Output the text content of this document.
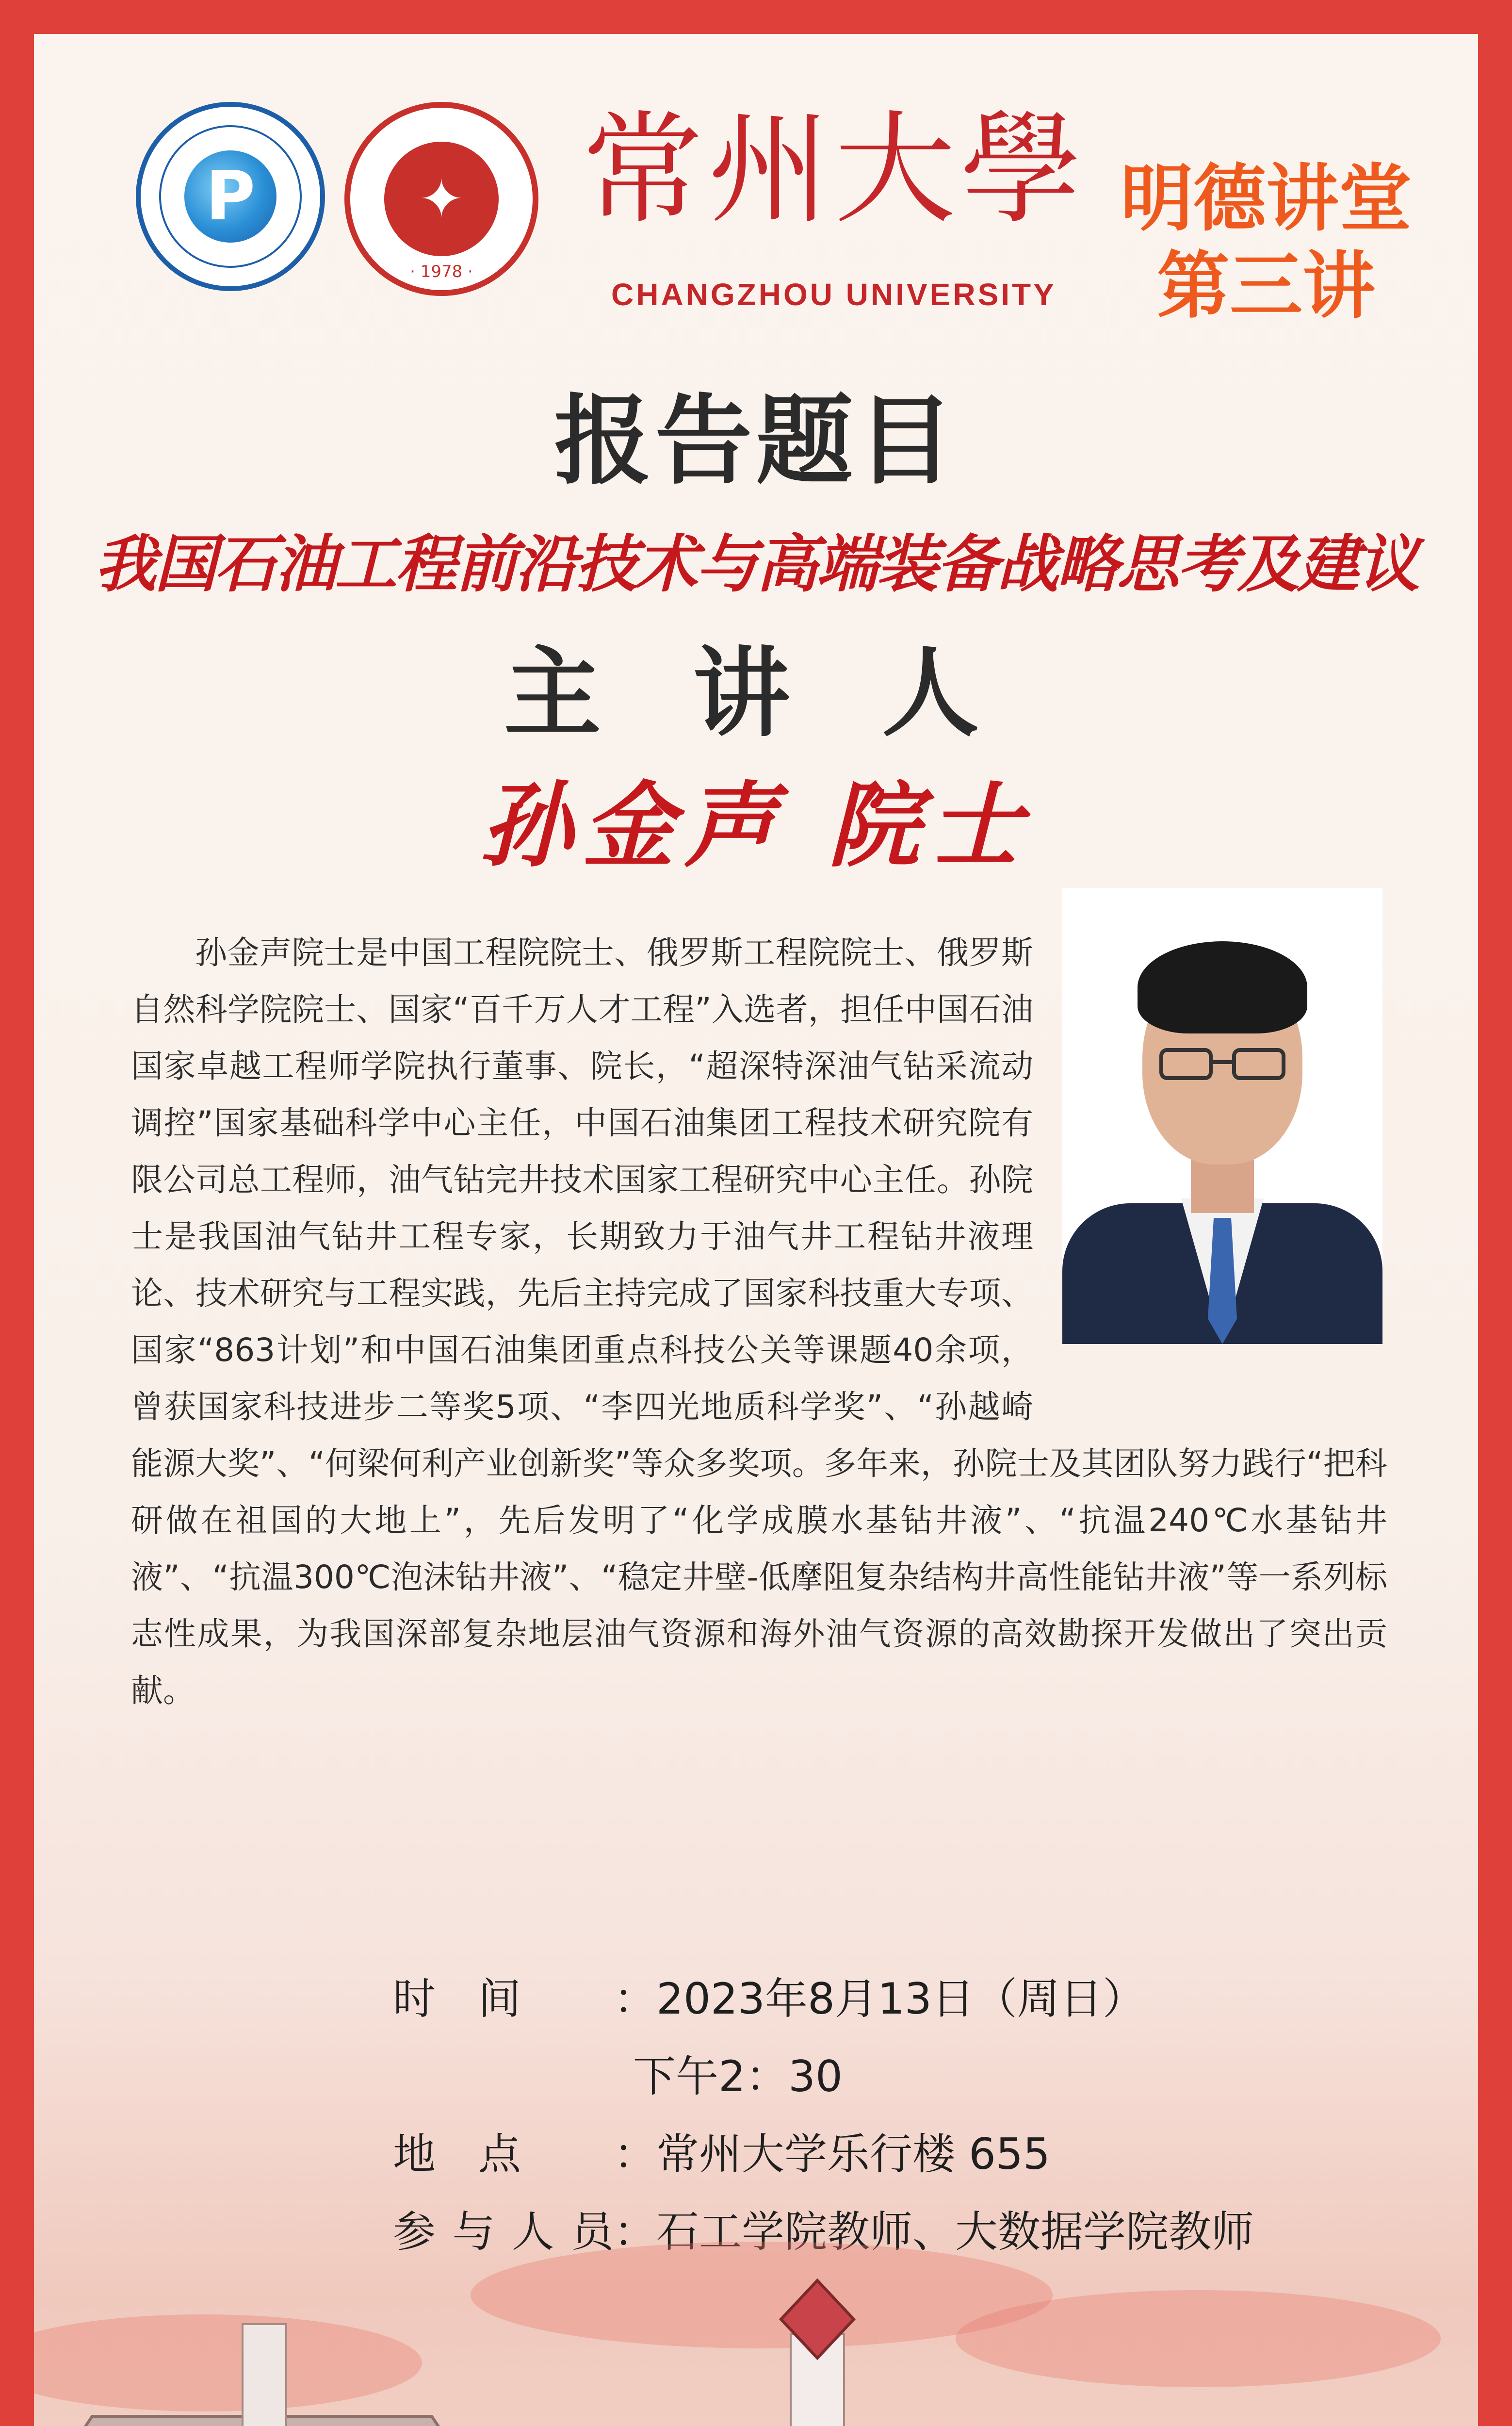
P	✦
· 1978 ·
常州大學
CHANGZHOU UNIVERSITY
明德讲堂
第三讲
报告题目
我国石油工程前沿技术与高端装备战略思考及建议
主 讲 人
孙金声 院士
孙金声院士是中国工程院院士、俄罗斯工程院院士、俄罗斯自然科学院院士、国家“百千万人才工程”入选者，担任中国石油国家卓越工程师学院执行董事、院长，“超深特深油气钻采流动调控”国家基础科学中心主任，中国石油集团工程技术研究院有限公司总工程师，油气钻完井技术国家工程研究中心主任。孙院士是我国油气钻井工程专家，长期致力于油气井工程钻井液理论、技术研究与工程实践，先后主持完成了国家科技重大专项、国家“863计划”和中国石油集团重点科技公关等课题40余项，曾获国家科技进步二等奖5项、“李四光地质科学奖”、“孙越崎能源大奖”、“何梁何利产业创新奖”等众多奖项。多年来，孙院士及其团队努力践行“把科研做在祖国的大地上”，先后发明了“化学成膜水基钻井液”、“抗温240℃水基钻井液”、“抗温300℃泡沫钻井液”、“稳定井壁-低摩阻复杂结构井高性能钻井液”等一系列标志性成果，为我国深部复杂地层油气资源和海外油气资源的高效勘探开发做出了突出贡献。
时　间 ：2023年8月13日（周日）
下午2：30
地　点 ：常州大学乐行楼 655
参与人员：石工学院教师、大数据学院教师
